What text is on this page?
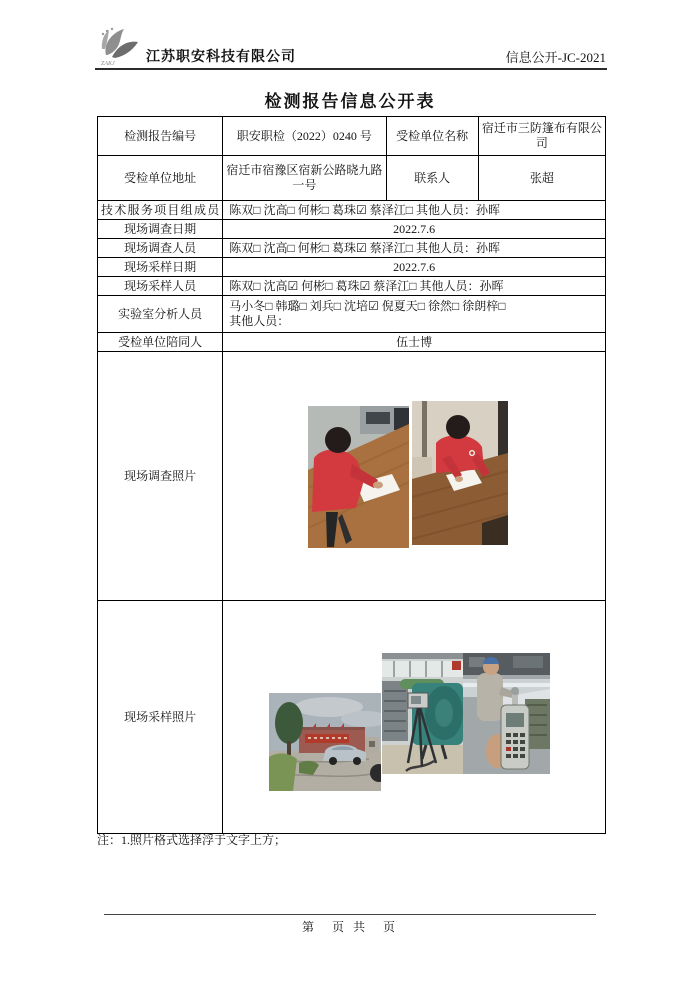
ZAKJ 江苏职安科技有限公司	信息公开-JC-2021
检测报告信息公开表
检测报告编号	职安职检（2022）0240 号	受检单位名称	宿迁市三防篷布有限公司
受检单位地址	宿迁市宿豫区宿新公路晓九路一号	联系人	张超
技术服务项目组成员	陈双□ 沈高□ 何彬□ 葛珠☑ 蔡泽江□ 其他人员：孙晖		
现场调查日期	2022.7.6		
现场调查人员	陈双□ 沈高□ 何彬□ 葛珠☑ 蔡泽江□ 其他人员：孙晖		
现场采样日期	2022.7.6		
现场采样人员	陈双□ 沈高☑ 何彬□ 葛珠☑ 蔡泽江□ 其他人员：孙晖		
实验室分析人员	马小冬□ 韩璐□ 刘兵□ 沈培☑ 倪夏天□ 徐然□ 徐朗梓□
其他人员：		

受检单位陪同人	伍士博		
现场调查照片	

现场采样照片	
注：1.照片格式选择浮于文字上方；
第　页 共　页
